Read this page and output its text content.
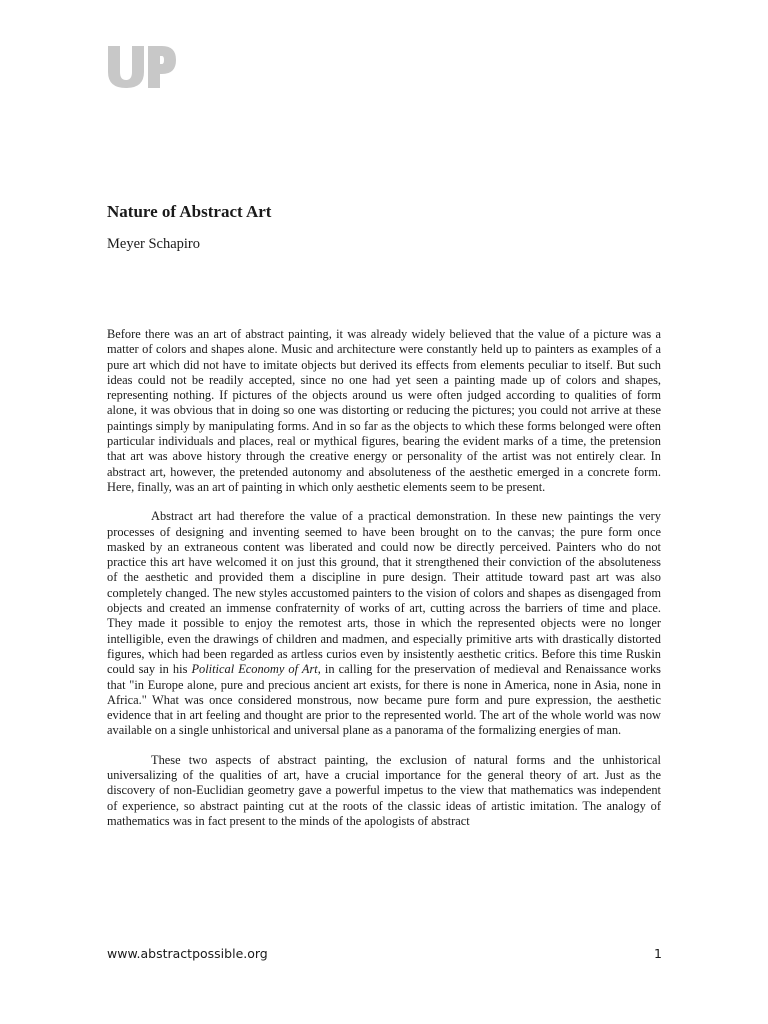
Nature of Abstract Art

Meyer Schapiro

Before there was an art of abstract painting, it was already widely believed that the value of a picture was a matter of colors and shapes alone. Music and architecture were constantly held up to painters as examples of a pure art which did not have to imitate objects but derived its effects from elements peculiar to itself. But such ideas could not be readily accepted, since no one had yet seen a painting made up of colors and shapes, representing nothing. If pictures of the objects around us were often judged according to qualities of form alone, it was obvious that in doing so one was distorting or reducing the pictures; you could not arrive at these paintings simply by manipulating forms. And in so far as the objects to which these forms belonged were often particular individuals and places, real or mythical figures, bearing the evident marks of a time, the pretension that art was above history through the creative energy or personality of the artist was not entirely clear. In abstract art, however, the pretended autonomy and absoluteness of the aesthetic emerged in a concrete form. Here, finally, was an art of painting in which only aesthetic elements seem to be present.

Abstract art had therefore the value of a practical demonstration. In these new paintings the very processes of designing and inventing seemed to have been brought on to the canvas; the pure form once masked by an extraneous content was liberated and could now be directly perceived. Painters who do not practice this art have welcomed it on just this ground, that it strengthened their conviction of the absoluteness of the aesthetic and provided them a discipline in pure design. Their attitude toward past art was also completely changed. The new styles accustomed painters to the vision of colors and shapes as disengaged from objects and created an immense confraternity of works of art, cutting across the barriers of time and place. They made it possible to enjoy the remotest arts, those in which the represented objects were no longer intelligible, even the drawings of children and madmen, and especially primitive arts with drastically distorted figures, which had been regarded as artless curios even by insistently aesthetic critics. Before this time Ruskin could say in his Political Economy of Art, in calling for the preservation of medieval and Renaissance works that "in Europe alone, pure and precious ancient art exists, for there is none in America, none in Asia, none in Africa." What was once considered monstrous, now became pure form and pure expression, the aesthetic evidence that in art feeling and thought are prior to the represented world. The art of the whole world was now available on a single unhistorical and universal plane as a panorama of the formalizing energies of man.

These two aspects of abstract painting, the exclusion of natural forms and the unhistorical universalizing of the qualities of art, have a crucial importance for the general theory of art. Just as the discovery of non-Euclidian geometry gave a powerful impetus to the view that mathematics was independent of experience, so abstract painting cut at the roots of the classic ideas of artistic imitation. The analogy of mathematics was in fact present to the minds of the apologists of abstract

www.abstractpossible.org	1
